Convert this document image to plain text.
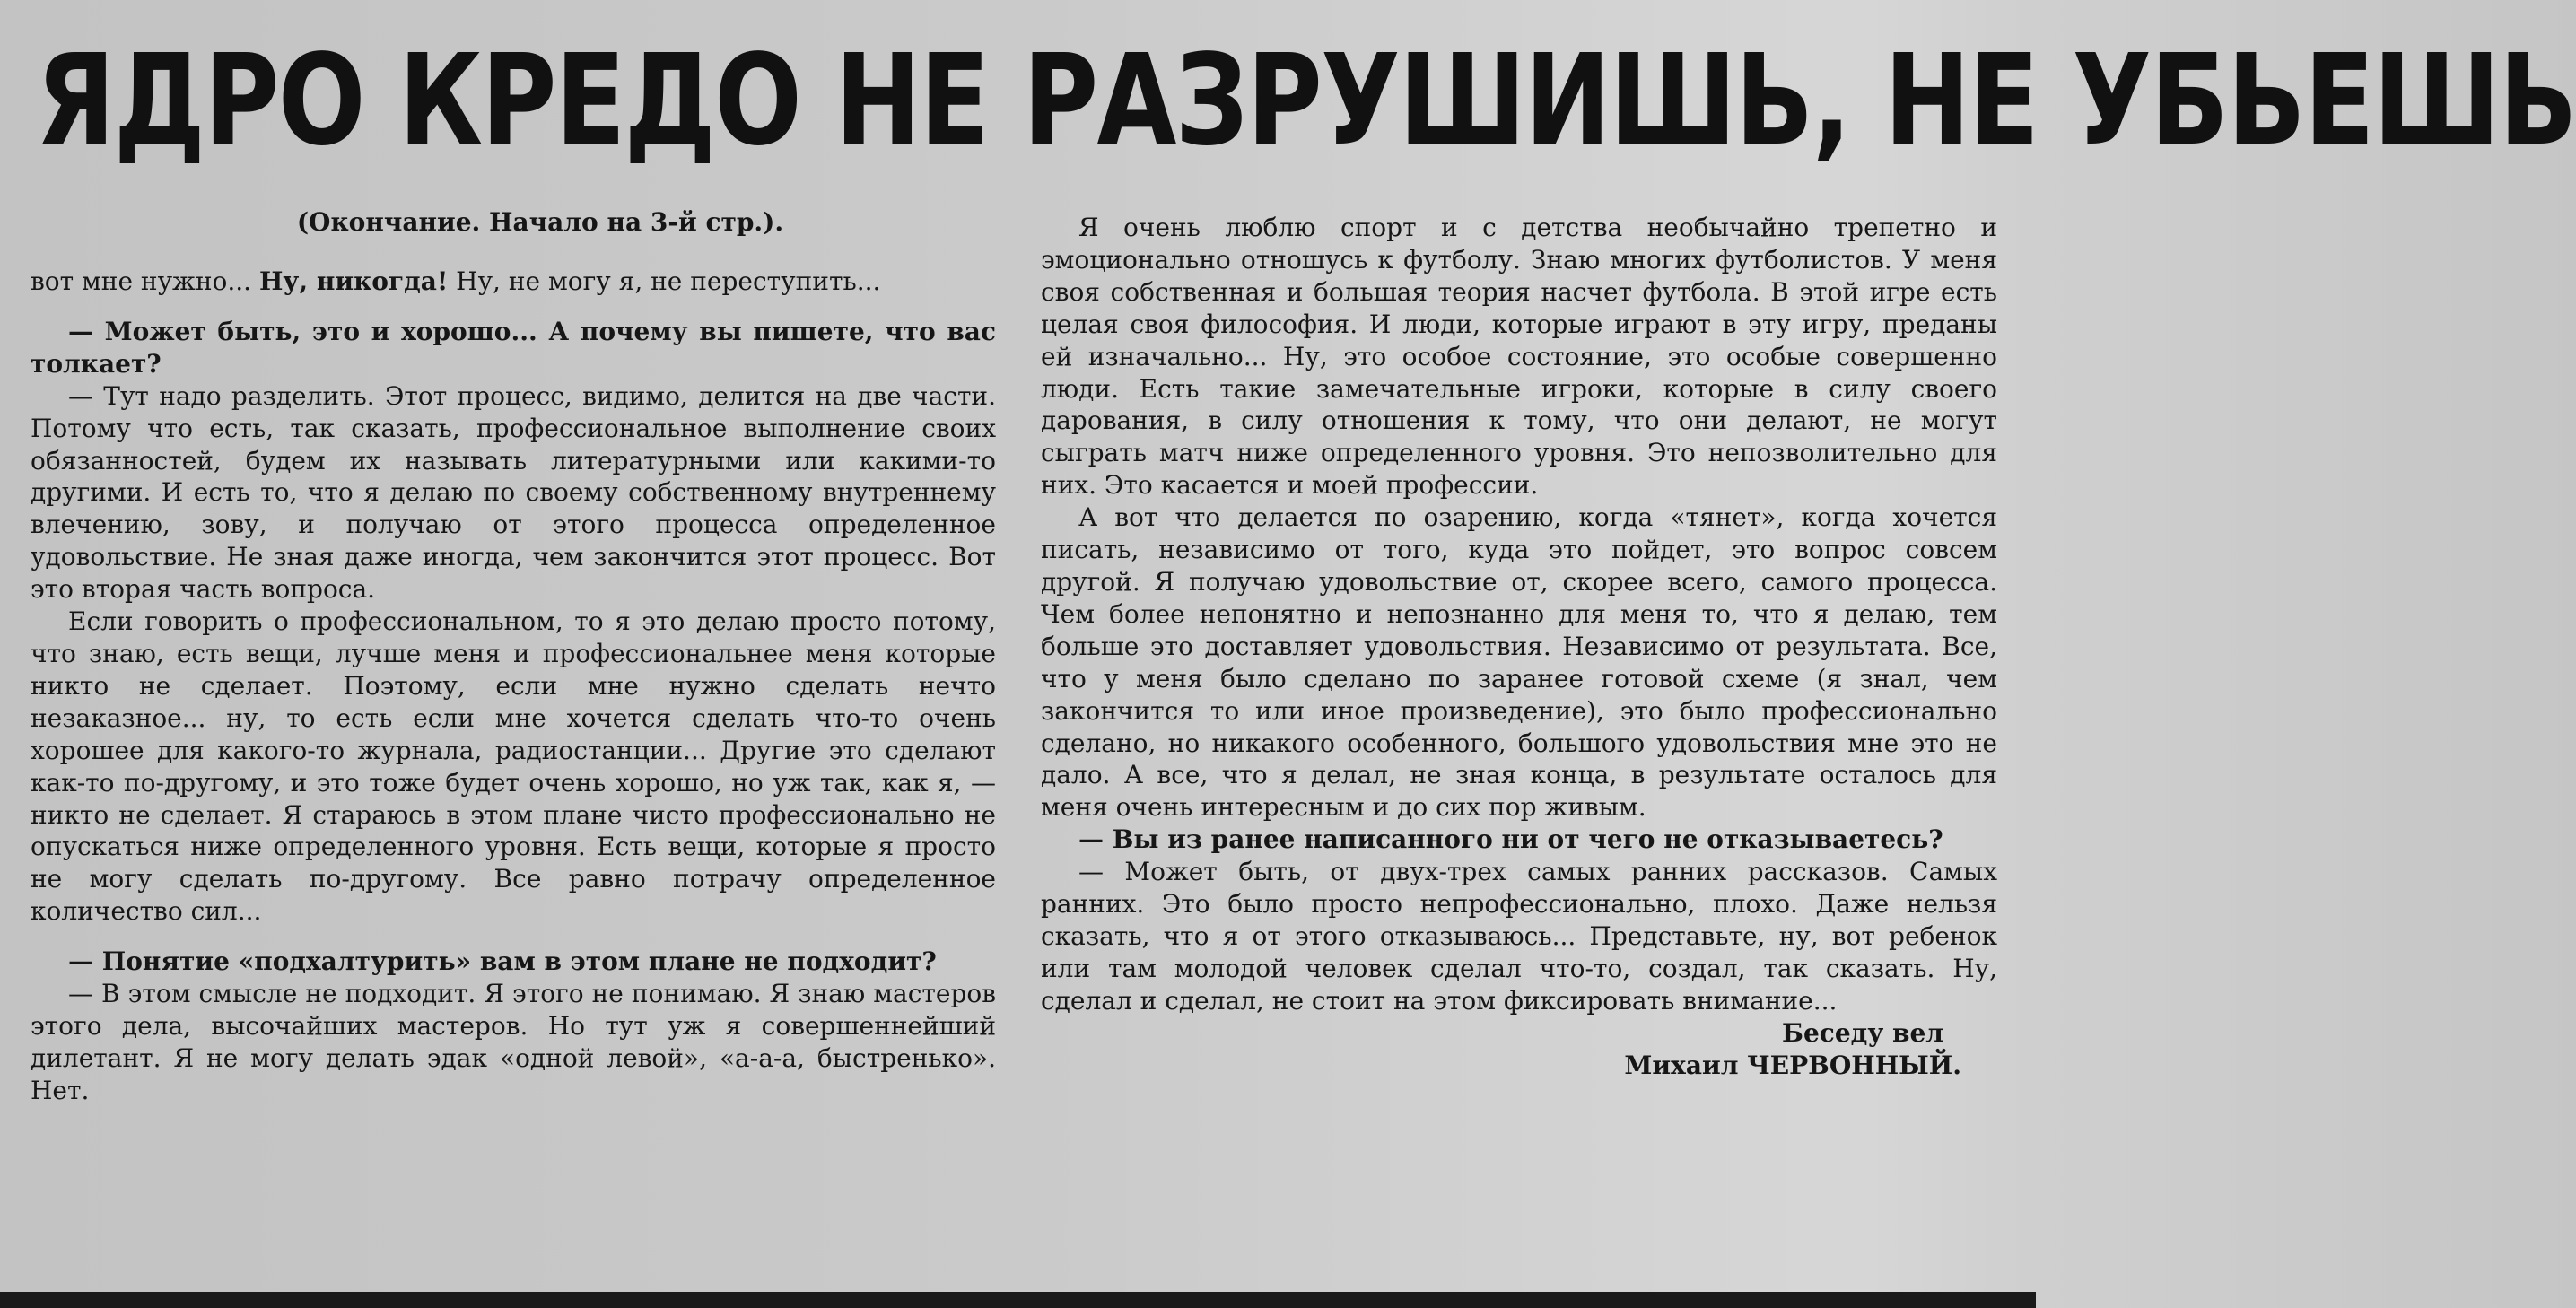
ЯДРО КРЕДО НЕ РАЗРУШИШЬ, НЕ УБЬЕШЬ

(Окончание. Начало на 3-й стр.).

вот мне нужно... Ну, никогда! Ну, не могу я, не переступить...

— Может быть, это и хорошо... А почему вы пишете, что вас толкает?

— Тут надо разделить. Этот процесс, видимо, делится на две части. Потому что есть, так сказать, профессиональное выполнение своих обязанностей, будем их называть литературными или какими-то другими. И есть то, что я делаю по своему собственному внутреннему влечению, зову, и получаю от этого процесса определенное удовольствие. Не зная даже иногда, чем закончится этот процесс. Вот это вторая часть вопроса.

Если говорить о профессиональном, то я это делаю просто потому, что знаю, есть вещи, лучше меня и профессиональнее меня которые никто не сделает. Поэтому, если мне нужно сделать нечто незаказное... ну, то есть если мне хочется сделать что-то очень хорошее для какого-то журнала, радиостанции... Другие это сделают как-то по-другому, и это тоже будет очень хорошо, но уж так, как я, — никто не сделает. Я стараюсь в этом плане чисто профессионально не опускаться ниже определенного уровня. Есть вещи, которые я просто не могу сделать по-другому. Все равно потрачу определенное количество сил...

— Понятие «подхалтурить» вам в этом плане не подходит?

— В этом смысле не подходит. Я этого не понимаю. Я знаю мастеров этого дела, высочайших мастеров. Но тут уж я совершеннейший дилетант. Я не могу делать эдак «одной левой», «а-а-а, быстренько». Нет.

Я очень люблю спорт и с детства необычайно трепетно и эмоционально отношусь к футболу. Знаю многих футболистов. У меня своя собственная и большая теория насчет футбола. В этой игре есть целая своя философия. И люди, которые играют в эту игру, преданы ей изначально... Ну, это особое состояние, это особые совершенно люди. Есть такие замечательные игроки, которые в силу своего дарования, в силу отношения к тому, что они делают, не могут сыграть матч ниже определенного уровня. Это непозволительно для них. Это касается и моей профессии.

А вот что делается по озарению, когда «тянет», когда хочется писать, независимо от того, куда это пойдет, это вопрос совсем другой. Я получаю удовольствие от, скорее всего, самого процесса. Чем более непонятно и непознанно для меня то, что я делаю, тем больше это доставляет удовольствия. Независимо от результата. Все, что у меня было сделано по заранее готовой схеме (я знал, чем закончится то или иное произведение), это было профессионально сделано, но никакого особенного, большого удовольствия мне это не дало. А все, что я делал, не зная конца, в результате осталось для меня очень интересным и до сих пор живым.

— Вы из ранее написанного ни от чего не отказываетесь?

— Может быть, от двух-трех самых ранних рассказов. Самых ранних. Это было просто непрофессионально, плохо. Даже нельзя сказать, что я от этого отказываюсь... Представьте, ну, вот ребенок или там молодой человек сделал что-то, создал, так сказать. Ну, сделал и сделал, не стоит на этом фиксировать внимание...

Беседу вел

Михаил ЧЕРВОННЫЙ.
